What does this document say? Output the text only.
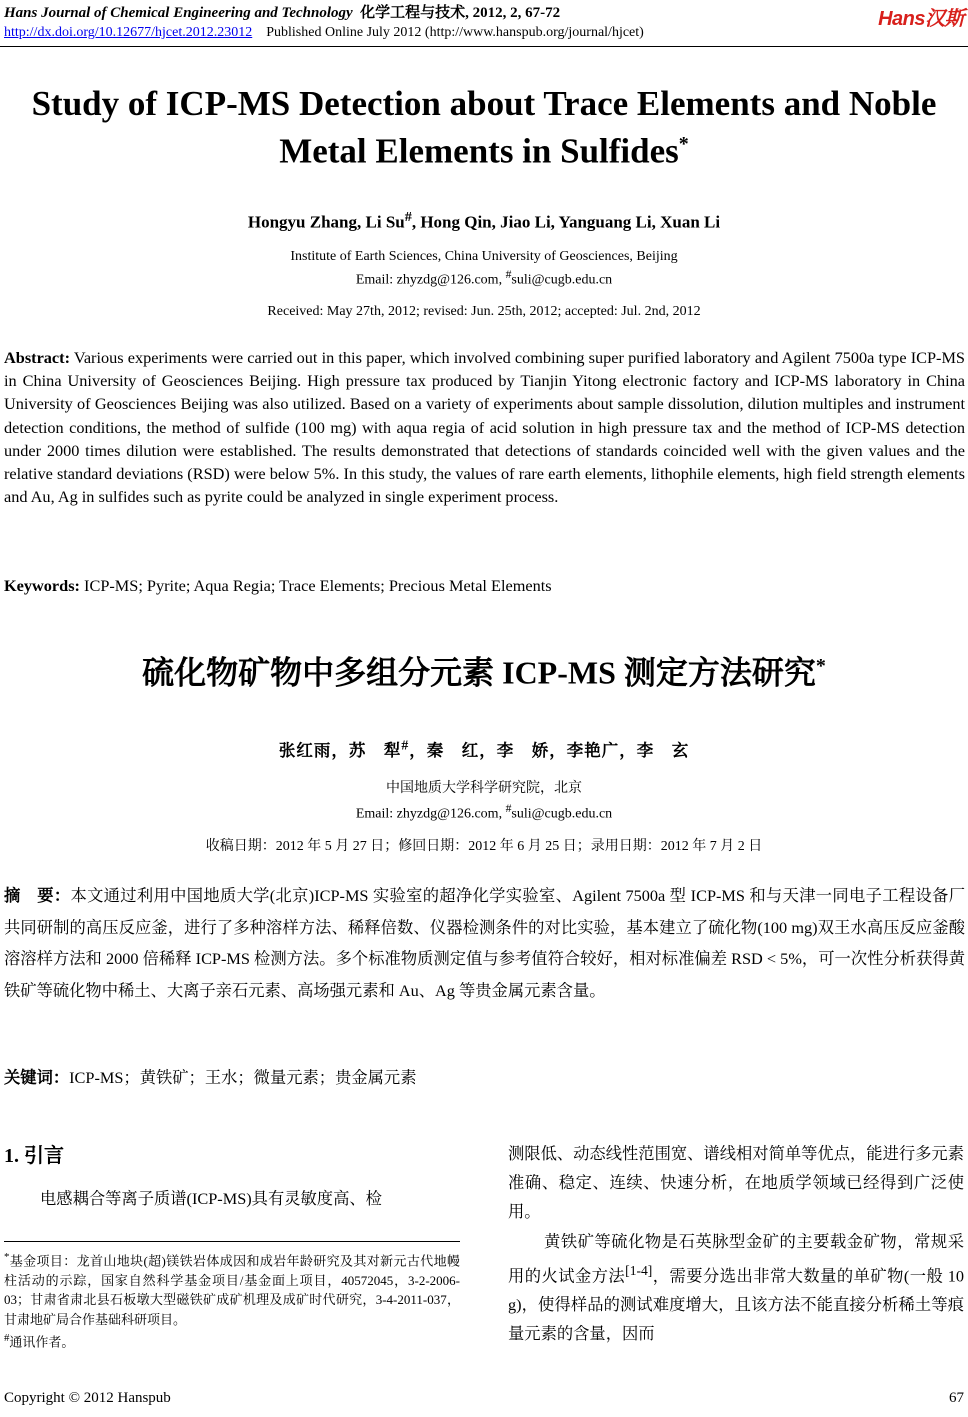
Hans Journal of Chemical Engineering and Technology 化学工程与技术, 2012, 2, 67-72
http://dx.doi.org/10.12677/hjcet.2012.23012 Published Online July 2012 (http://www.hanspub.org/journal/hjcet)
Hans汉斯
Study of ICP-MS Detection about Trace Elements and Noble
Metal Elements in Sulfides*
Hongyu Zhang, Li Su#, Hong Qin, Jiao Li, Yanguang Li, Xuan Li
Institute of Earth Sciences, China University of Geosciences, Beijing
Email: zhyzdg@126.com, #suli@cugb.edu.cn
Received: May 27th, 2012; revised: Jun. 25th, 2012; accepted: Jul. 2nd, 2012
Abstract: Various experiments were carried out in this paper, which involved combining super purified laboratory and Agilent 7500a type ICP-MS in China University of Geosciences Beijing. High pressure tax produced by Tianjin Yitong electronic factory and ICP-MS laboratory in China University of Geosciences Beijing was also utilized. Based on a variety of experiments about sample dissolution, dilution multiples and instrument detection conditions, the method of sulfide (100 mg) with aqua regia of acid solution in high pressure tax and the method of ICP-MS detection under 2000 times dilution were established. The results demonstrated that detections of standards coincided well with the given values and the relative standard deviations (RSD) were below 5%. In this study, the values of rare earth elements, lithophile elements, high field strength elements and Au, Ag in sulfides such as pyrite could be analyzed in single experiment process.
Keywords: ICP-MS; Pyrite; Aqua Regia; Trace Elements; Precious Metal Elements
硫化物矿物中多组分元素 ICP-MS 测定方法研究*
张红雨，苏　犁#，秦　红，李　娇，李艳广，李　玄
中国地质大学科学研究院，北京
Email: zhyzdg@126.com, #suli@cugb.edu.cn
收稿日期：2012 年 5 月 27 日；修回日期：2012 年 6 月 25 日；录用日期：2012 年 7 月 2 日
摘　要：本文通过利用中国地质大学(北京)ICP-MS 实验室的超净化学实验室、Agilent 7500a 型 ICP-MS 和与天津一同电子工程设备厂共同研制的高压反应釜，进行了多种溶样方法、稀释倍数、仪器检测条件的对比实验，基本建立了硫化物(100 mg)双王水高压反应釜酸溶溶样方法和 2000 倍稀释 ICP-MS 检测方法。多个标准物质测定值与参考值符合较好，相对标准偏差 RSD < 5%，可一次性分析获得黄铁矿等硫化物中稀土、大离子亲石元素、高场强元素和 Au、Ag 等贵金属元素含量。
关键词：ICP-MS；黄铁矿；王水；微量元素；贵金属元素
1. 引言
电感耦合等离子质谱(ICP-MS)具有灵敏度高、检
*基金项目：龙首山地块(超)镁铁岩体成因和成岩年龄研究及其对新元古代地幔柱活动的示踪，国家自然科学基金项目/基金面上项目，40572045，3-2-2006-03；甘肃省肃北县石板墩大型磁铁矿成矿机理及成矿时代研究，3-4-2011-037，甘肃地矿局合作基础科研项目。
#通讯作者。

测限低、动态线性范围宽、谱线相对简单等优点，能进行多元素准确、稳定、连续、快速分析，在地质学领域已经得到广泛使用。

黄铁矿等硫化物是石英脉型金矿的主要载金矿物，常规采用的火试金方法[1-4]，需要分选出非常大数量的单矿物(一般 10 g)，使得样品的测试难度增大，且该方法不能直接分析稀土等痕量元素的含量，因而

Copyright © 2012 Hanspub	67
